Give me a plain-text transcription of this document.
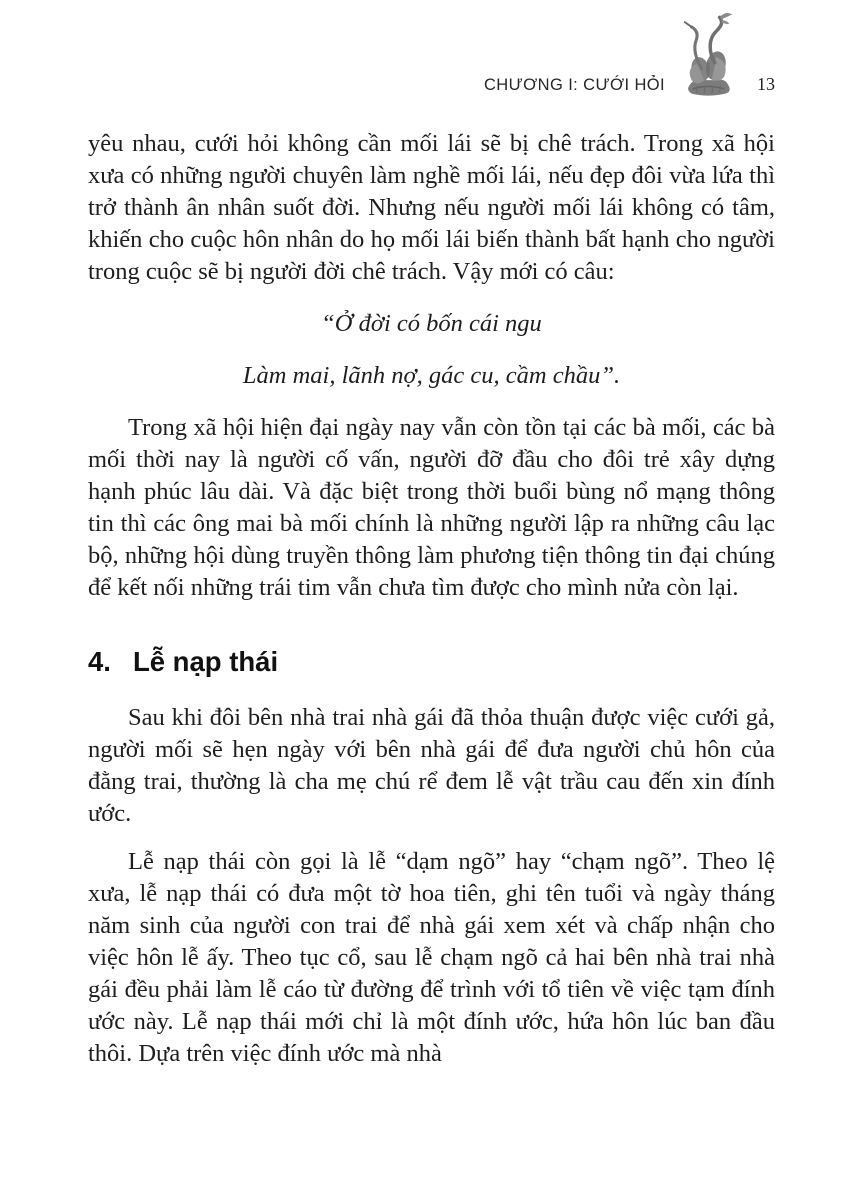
CHƯƠNG I: CƯỚI HỎI	13

yêu nhau, cưới hỏi không cần mối lái sẽ bị chê trách. Trong xã hội xưa có những người chuyên làm nghề mối lái, nếu đẹp đôi vừa lứa thì trở thành ân nhân suốt đời. Nhưng nếu người mối lái không có tâm, khiến cho cuộc hôn nhân do họ mối lái biến thành bất hạnh cho người trong cuộc sẽ bị người đời chê trách. Vậy mới có câu:

“Ở đời có bốn cái ngu

Làm mai, lãnh nợ, gác cu, cầm chầu”.

Trong xã hội hiện đại ngày nay vẫn còn tồn tại các bà mối, các bà mối thời nay là người cố vấn, người đỡ đầu cho đôi trẻ xây dựng hạnh phúc lâu dài. Và đặc biệt trong thời buổi bùng nổ mạng thông tin thì các ông mai bà mối chính là những người lập ra những câu lạc bộ, những hội dùng truyền thông làm phương tiện thông tin đại chúng để kết nối những trái tim vẫn chưa tìm được cho mình nửa còn lại.

4. Lễ nạp thái

Sau khi đôi bên nhà trai nhà gái đã thỏa thuận được việc cưới gả, người mối sẽ hẹn ngày với bên nhà gái để đưa người chủ hôn của đằng trai, thường là cha mẹ chú rể đem lễ vật trầu cau đến xin đính ước.

Lễ nạp thái còn gọi là lễ “dạm ngõ” hay “chạm ngõ”. Theo lệ xưa, lễ nạp thái có đưa một tờ hoa tiên, ghi tên tuổi và ngày tháng năm sinh của người con trai để nhà gái xem xét và chấp nhận cho việc hôn lễ ấy. Theo tục cổ, sau lễ chạm ngõ cả hai bên nhà trai nhà gái đều phải làm lễ cáo từ đường để trình với tổ tiên về việc tạm đính ước này. Lễ nạp thái mới chỉ là một đính ước, hứa hôn lúc ban đầu thôi. Dựa trên việc đính ước mà nhà
